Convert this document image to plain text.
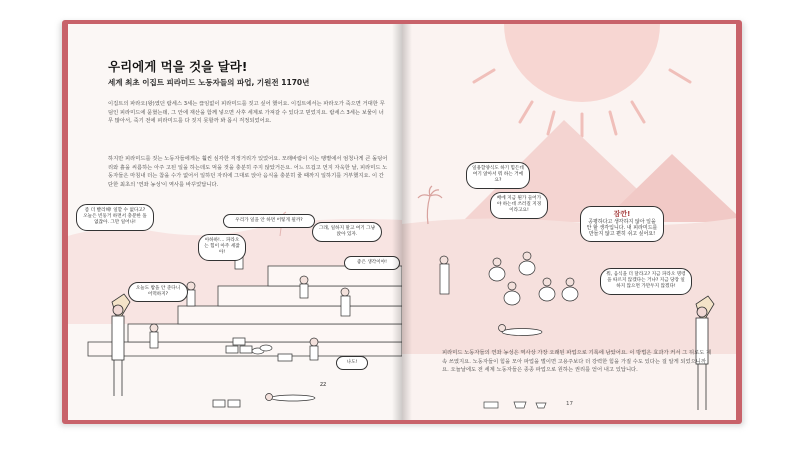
zz
우리에게 먹을 것을 달라!
세계 최초 이집트 피라미드 노동자들의 파업, 기원전 1170년

이집트의 파라오(왕)였던 람세스 3세는 끊임없이 피라미드를 짓고 싶어 했어요. 이집트에서는 파라오가 죽으면 거대한 무덤인 피라미드에 묻혔는데, 그 안에 재산을 함께 넣으면 사후 세계로 가져갈 수 있다고 믿었지요. 람세스 3세는 보물이 너무 많아서, 죽기 전에 피라미드를 다 짓지 못할까 봐 몹시 걱정되었어요.

하지만 피라미드를 짓는 노동자들에게는 훨씬 심각한 걱정거리가 있었어요. 모래바람이 이는 땡볕에서 엄청나게 큰 돌덩어리와 흙을 씨름하는 아주 고된 일을 하는데도 먹을 것을 충분히 주지 않았거든요. 어느 뜨겁고 먼지 자욱한 날, 피라미드 노동자들은 마침내 더는 참을 수가 없어서 일하던 자리에 그대로 앉아 음식을 충분히 줄 때까지 일하기를 거부했지요. 이 간단한 최초의 '연좌 농성'이 역사를 바꾸었답니다.

좀 더 빨리해! 일할 수 없다고? 오늘은 빈둥거 하면서 충분한 돌 없잖아. 그만 일어나!
아하하!… 파라오는 힘이 아주 세잖아!
우리가 일을 안 하면 어떻게 될까?
그래, 일하지 말고 여기 그냥 앉아 있자.
좋은 생각이야!
오늘도 밥을 안 준다니 어떡하지?
나도!

피라미드 노동자들의 연좌 농성은 역사상 가장 오래된 파업으로 기록에 남았어요. 이 방법은 효과가 커서 그 뒤로도 계속 쓰였지요. 노동자들이 힘을 모아 파업을 벌이면 고용주보다 더 강력한 힘을 가질 수도 있다는 걸 알게 되었으니까요. 오늘날에도 전 세계 노동자들은 종종 파업으로 원하는 권리를 얻어 내고 있답니다.

17
일용할양식도 하기 힘든데 여기 앉아서 뭐 하는 거예요?
배에 지금 뭔가 들어가야 하는데 쓰러질 지경이라고요!	잠깐!
공평하다고 생각하지 않아 일을 안 할 생각입니다. 내 피라미드를 만들지 않고 편히 쉬고 싶어요!
뭐, 음식을 더 달라고? 지금 파라오 명령을 따르지 않겠다는 거냐? 지금 당장 일하지 않으면 가만두지 않겠다!
